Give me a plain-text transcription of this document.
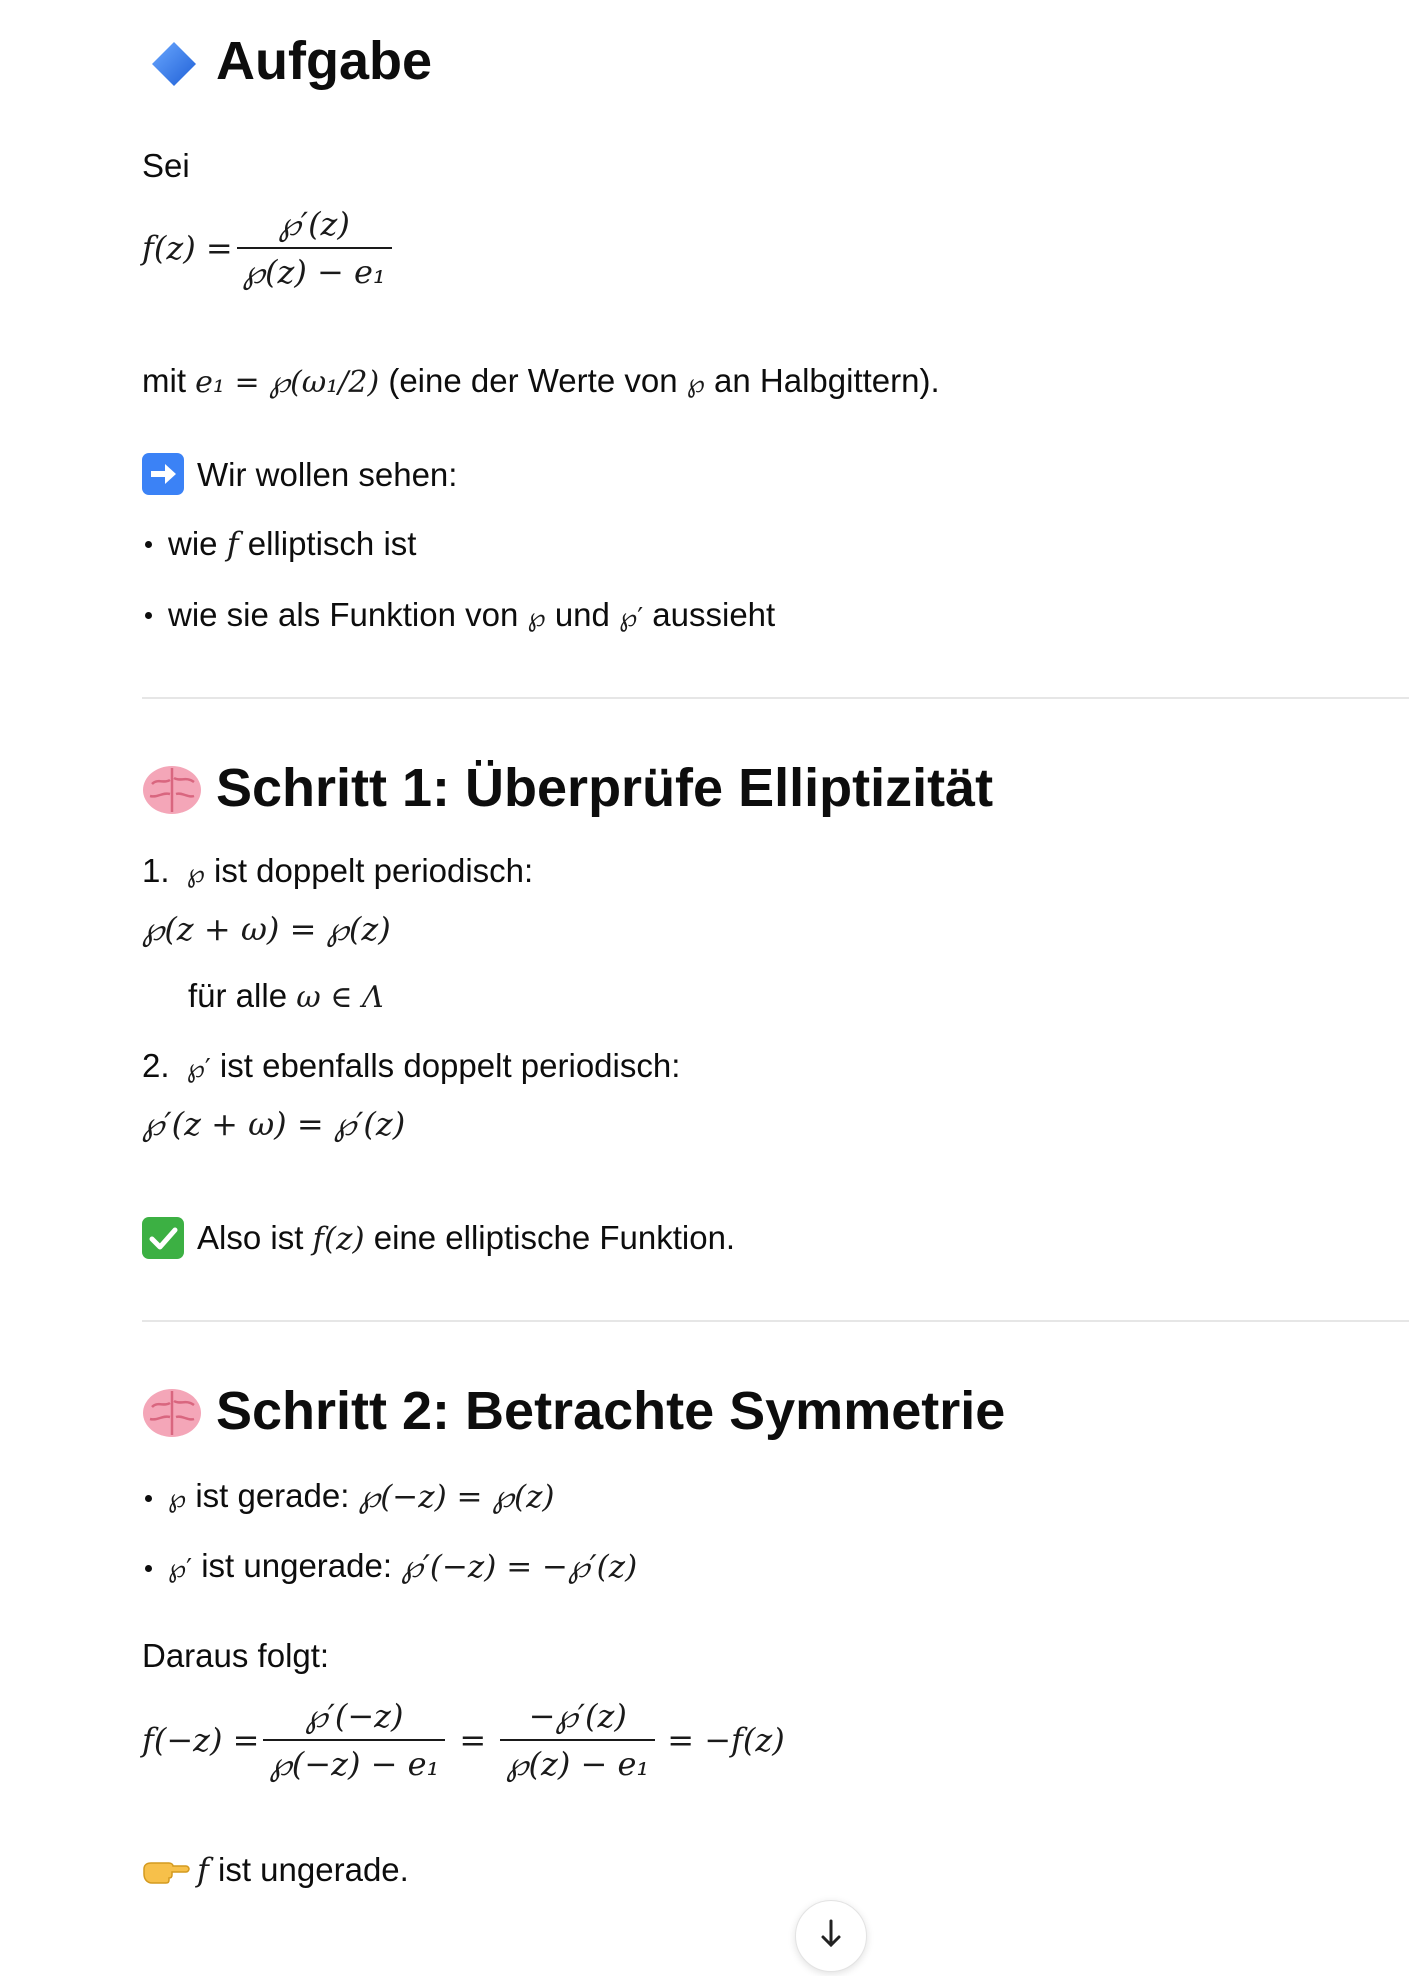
Aufgabe
Sei
$f(z) = \frac{℘'(z)}{\text{℘(z) − e₁}}$
mit e₁ = ℘(ω₁/2) (eine der Werte von ℘ an Halbgittern).
Wir wollen sehen:
wie f elliptisch ist
wie sie als Funktion von ℘ und ℘′ aussieht
Schritt 1: Überprüfe Elliptizität
1. ℘ ist doppelt periodisch:
℘(z + ω) = ℘(z)
für alle ω ∈ Λ
2. ℘′ ist ebenfalls doppelt periodisch:
℘′(z + ω) = ℘′(z)
Also ist f(z) eine elliptische Funktion.
Schritt 2: Betrachte Symmetrie
℘ ist gerade: ℘(−z) = ℘(z)
℘′ ist ungerade: ℘′(−z) = −℘′(z)
Daraus folgt:
$f(-z) = \frac{℘'(-z)}{\text{℘(−z) − e₁}} = \frac{-℘'(z)}{\text{℘(z) − e₁}} = -f(z)$
f ist ungerade.
